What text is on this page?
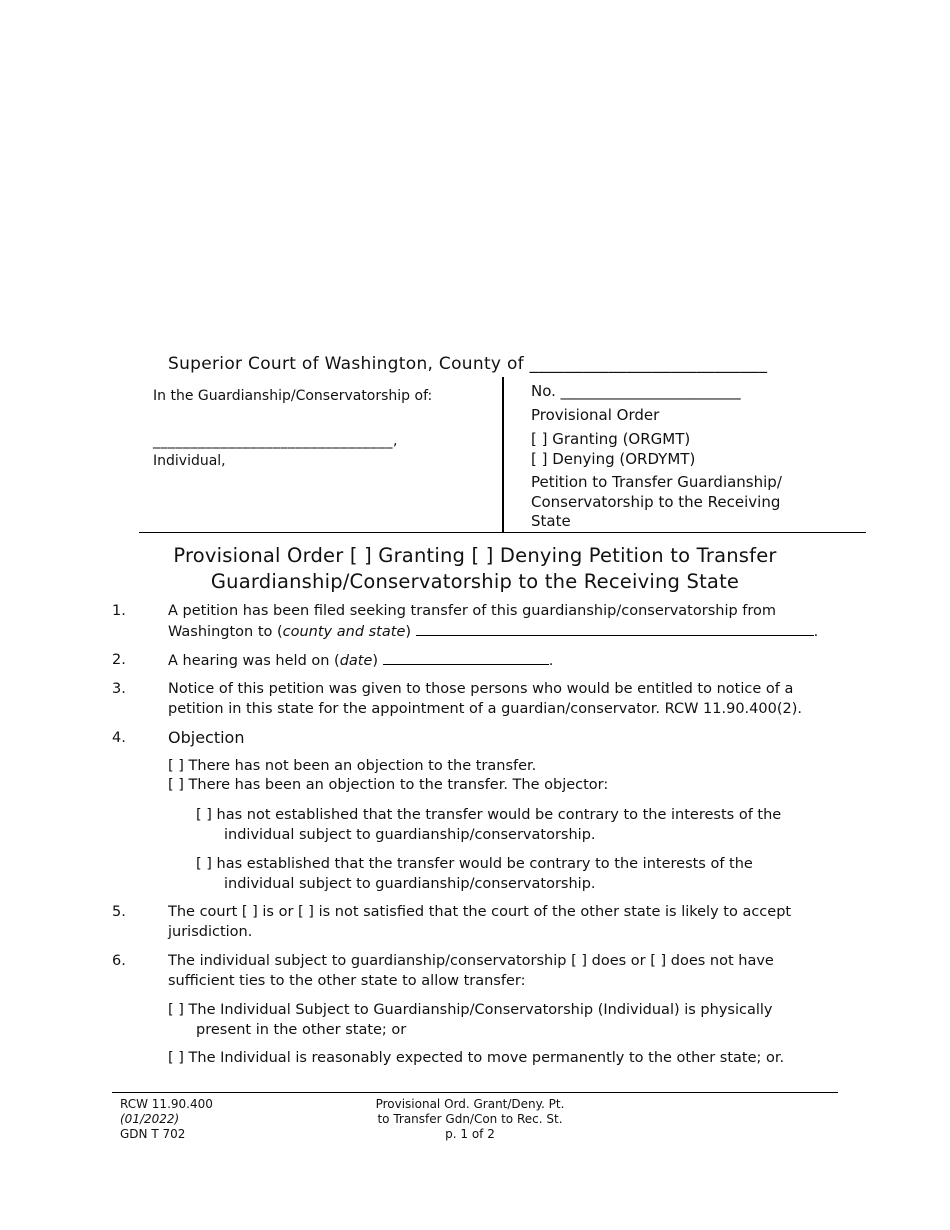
Superior Court of Washington, County of ___________________________
In the Guardianship/Conservatorship of:
________________________________,
Individual,
No. ________________________
Provisional Order
[ ] Granting (ORGMT)
[ ] Denying (ORDYMT)
Petition to Transfer Guardianship/
Conservatorship to the Receiving
State
Provisional Order [ ] Granting [ ] Denying Petition to Transfer
Guardianship/Conservatorship to the Receiving State
1.	A petition has been filed seeking transfer of this guardianship/conservatorship from
Washington to (county and state)	.
2.	A hearing was held on (date)	.
3.	Notice of this petition was given to those persons who would be entitled to notice of a
petition in this state for the appointment of a guardian/conservator. RCW 11.90.400(2).
4.	Objection
[ ] There has not been an objection to the transfer.
[ ] There has been an objection to the transfer. The objector:
[ ] has not established that the transfer would be contrary to the interests of the
individual subject to guardianship/conservatorship.
[ ] has established that the transfer would be contrary to the interests of the
individual subject to guardianship/conservatorship.
5.	The court [ ] is or [ ] is not satisfied that the court of the other state is likely to accept
jurisdiction.
6.	The individual subject to guardianship/conservatorship [ ] does or [ ] does not have
sufficient ties to the other state to allow transfer:
[ ] The Individual Subject to Guardianship/Conservatorship (Individual) is physically
present in the other state; or
[ ] The Individual is reasonably expected to move permanently to the other state; or.
RCW 11.90.400
(01/2022)
GDN T 702
Provisional Ord. Grant/Deny. Pt.
to Transfer Gdn/Con to Rec. St.
p. 1 of 2
